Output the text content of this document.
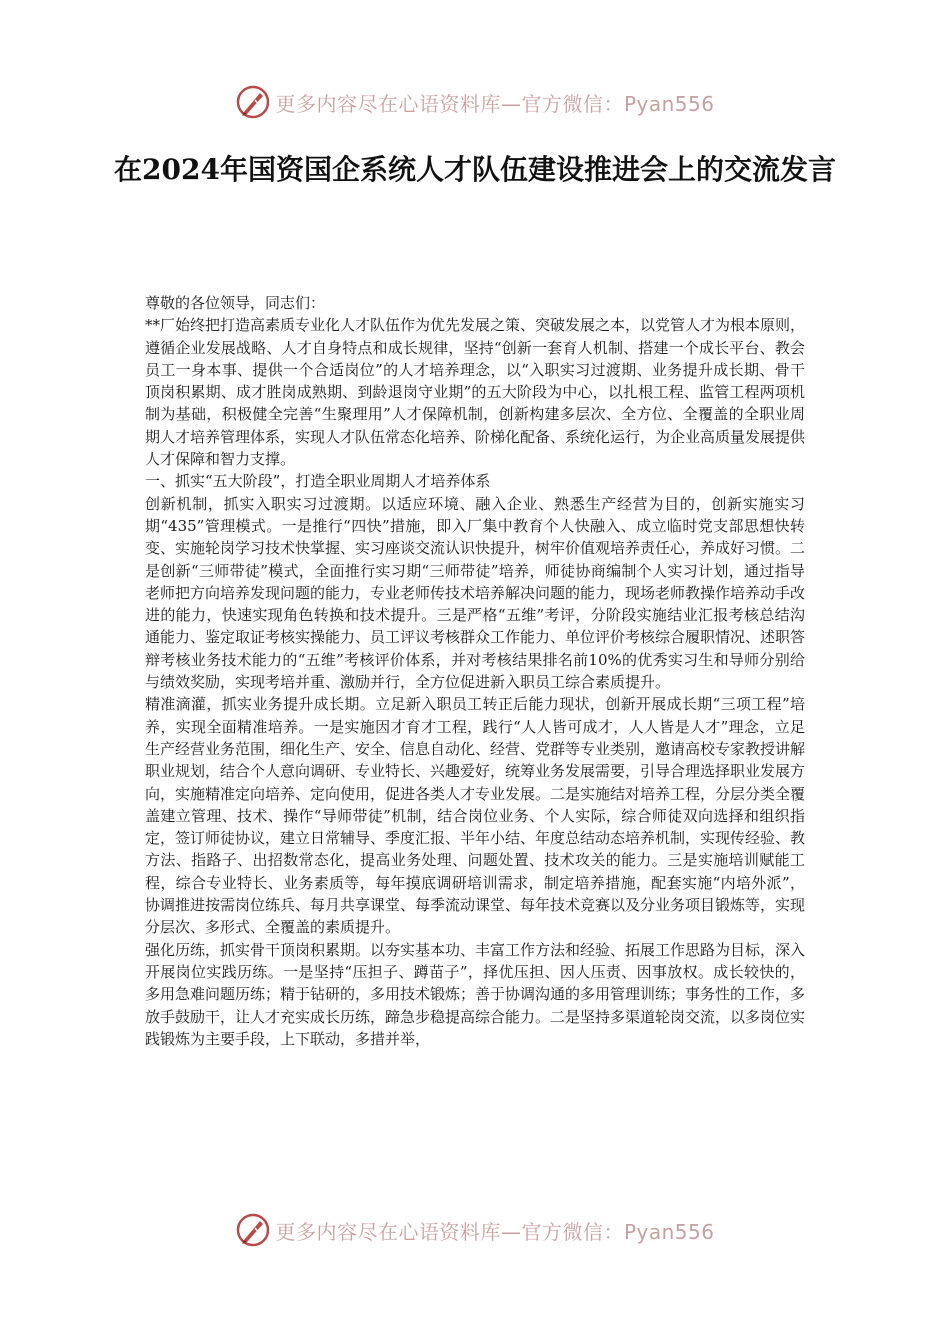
更多内容尽在心语资料库—官方微信：Pyan556
在2024年国资国企系统人才队伍建设推进会上的交流发言

尊敬的各位领导，同志们：

**厂始终把打造高素质专业化人才队伍作为优先发展之策、突破发展之本，以党管人才为根本原则，遵循企业发展战略、人才自身特点和成长规律，坚持“创新一套育人机制、搭建一个成长平台、教会员工一身本事、提供一个合适岗位”的人才培养理念，以“入职实习过渡期、业务提升成长期、骨干顶岗积累期、成才胜岗成熟期、到龄退岗守业期”的五大阶段为中心，以扎根工程、监管工程两项机制为基础，积极健全完善“生聚理用”人才保障机制，创新构建多层次、全方位、全覆盖的全职业周期人才培养管理体系，实现人才队伍常态化培养、阶梯化配备、系统化运行，为企业高质量发展提供人才保障和智力支撑。

一、抓实“五大阶段”，打造全职业周期人才培养体系

创新机制，抓实入职实习过渡期。以适应环境、融入企业、熟悉生产经营为目的，创新实施实习期“435”管理模式。一是推行“四快”措施，即入厂集中教育个人快融入、成立临时党支部思想快转变、实施轮岗学习技术快掌握、实习座谈交流认识快提升，树牢价值观培养责任心，养成好习惯。二是创新“三师带徒”模式，全面推行实习期“三师带徒”培养，师徒协商编制个人实习计划，通过指导老师把方向培养发现问题的能力，专业老师传技术培养解决问题的能力，现场老师教操作培养动手改进的能力，快速实现角色转换和技术提升。三是严格“五维”考评，分阶段实施结业汇报考核总结沟通能力、鉴定取证考核实操能力、员工评议考核群众工作能力、单位评价考核综合履职情况、述职答辩考核业务技术能力的“五维”考核评价体系，并对考核结果排名前10%的优秀实习生和导师分别给与绩效奖励，实现考培并重、激励并行，全方位促进新入职员工综合素质提升。

精准滴灌，抓实业务提升成长期。立足新入职员工转正后能力现状，创新开展成长期“三项工程”培养，实现全面精准培养。一是实施因才育才工程，践行“人人皆可成才，人人皆是人才”理念，立足生产经营业务范围，细化生产、安全、信息自动化、经营、党群等专业类别，邀请高校专家教授讲解职业规划，结合个人意向调研、专业特长、兴趣爱好，统筹业务发展需要，引导合理选择职业发展方向，实施精准定向培养、定向使用，促进各类人才专业发展。二是实施结对培养工程，分层分类全覆盖建立管理、技术、操作“导师带徒”机制，结合岗位业务、个人实际，综合师徒双向选择和组织指定，签订师徒协议，建立日常辅导、季度汇报、半年小结、年度总结动态培养机制，实现传经验、教方法、指路子、出招数常态化，提高业务处理、问题处置、技术攻关的能力。三是实施培训赋能工程，综合专业特长、业务素质等，每年摸底调研培训需求，制定培养措施，配套实施“内培外派”，协调推进按需岗位练兵、每月共享课堂、每季流动课堂、每年技术竞赛以及分业务项目锻炼等，实现分层次、多形式、全覆盖的素质提升。

强化历练，抓实骨干顶岗积累期。以夯实基本功、丰富工作方法和经验、拓展工作思路为目标，深入开展岗位实践历练。一是坚持“压担子、蹲苗子”，择优压担、因人压责、因事放权。成长较快的，多用急难问题历练；精于钻研的，多用技术锻炼；善于协调沟通的多用管理训练；事务性的工作，多放手鼓励干，让人才充实成长历练，蹄急步稳提高综合能力。二是坚持多渠道轮岗交流，以多岗位实践锻炼为主要手段，上下联动，多措并举，

更多内容尽在心语资料库—官方微信：Pyan556
